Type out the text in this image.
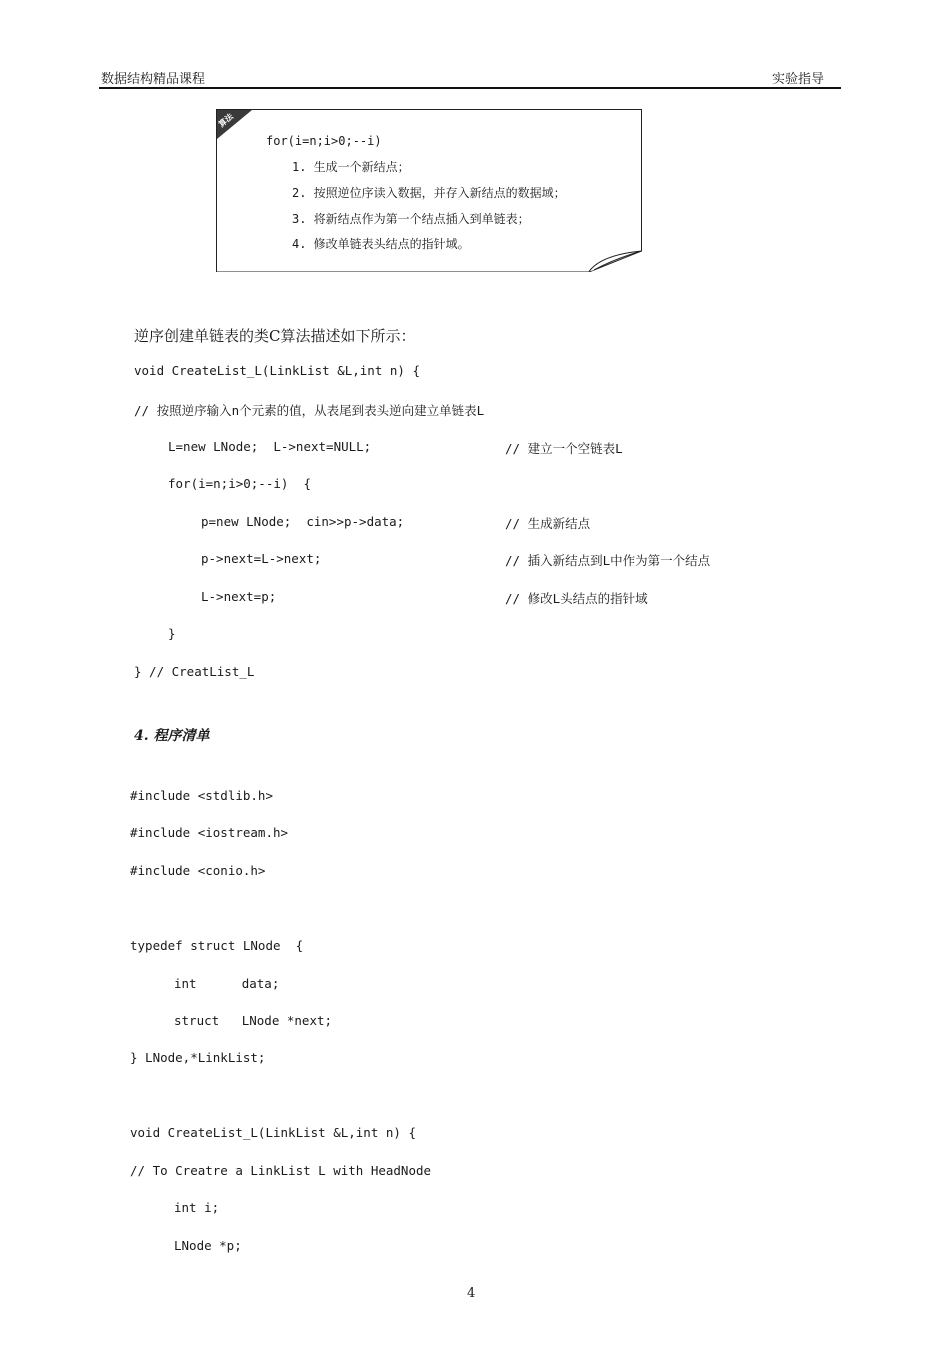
数据结构精品课程	实验指导
算法
for(i=n;i>0;--i)
1. 生成一个新结点；
2. 按照逆位序读入数据，并存入新结点的数据域；
3. 将新结点作为第一个结点插入到单链表；
4. 修改单链表头结点的指针域。
逆序创建单链表的类C算法描述如下所示：
void CreateList_L(LinkList &L,int n) {
// 按照逆序输入n个元素的值，从表尾到表头逆向建立单链表L
L=new LNode;  L->next=NULL;	// 建立一个空链表L
for(i=n;i>0;--i)  {
p=new LNode;  cin>>p->data;	// 生成新结点
p->next=L->next;	// 插入新结点到L中作为第一个结点
L->next=p;	// 修改L头结点的指针域
}
} // CreatList_L
4. 程序清单
#include <stdlib.h>
#include <iostream.h>
#include <conio.h>
typedef struct LNode  {
int      data;
struct   LNode *next;
} LNode,*LinkList;
void CreateList_L(LinkList &L,int n) {
// To Creatre a LinkList L with HeadNode
int i;
LNode *p;
4
